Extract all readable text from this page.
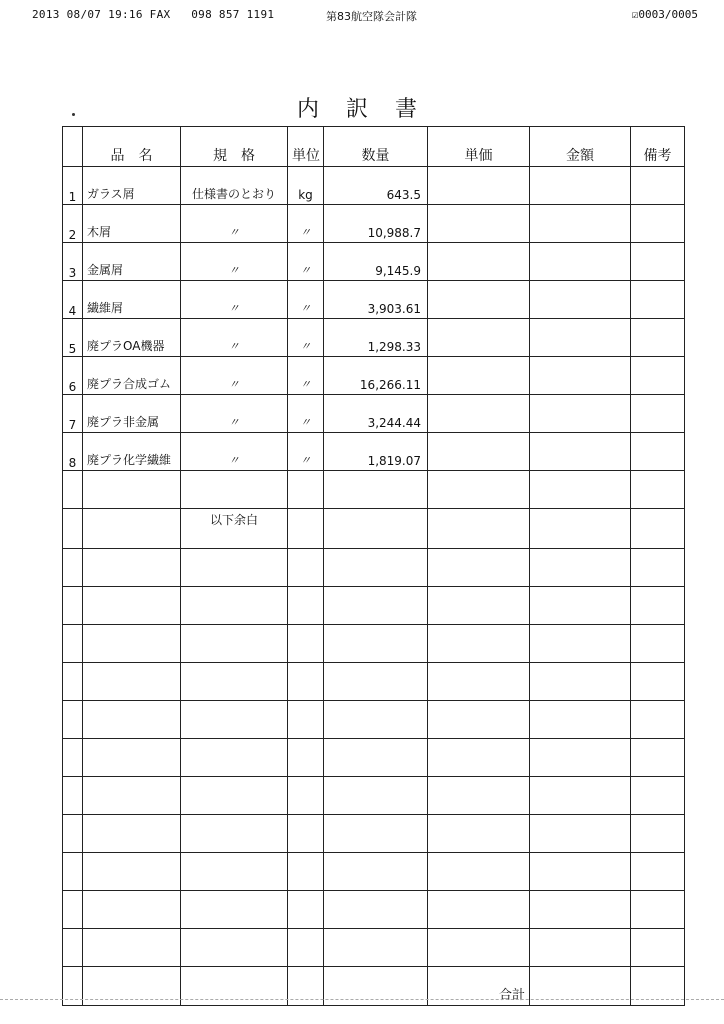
2013 08/07 19:16 FAX 098 857 1191	第83航空隊会計隊	☑0003/0005
内 訳 書
	品　名	規　格	単位	数量	単価	金額	備考
1	ガラス屑	仕様書のとおり	kg	643.5			
2	木屑	〃	〃	10,988.7			
3	金属屑	〃	〃	9,145.9			
4	繊維屑	〃	〃	3,903.61			
5	廃プラOA機器	〃	〃	1,298.33			
6	廃プラ合成ゴム	〃	〃	16,266.11			
7	廃プラ非金属	〃	〃	3,244.44			
8	廃プラ化学繊維	〃	〃	1,819.07			

		以下余白					

					合計		
